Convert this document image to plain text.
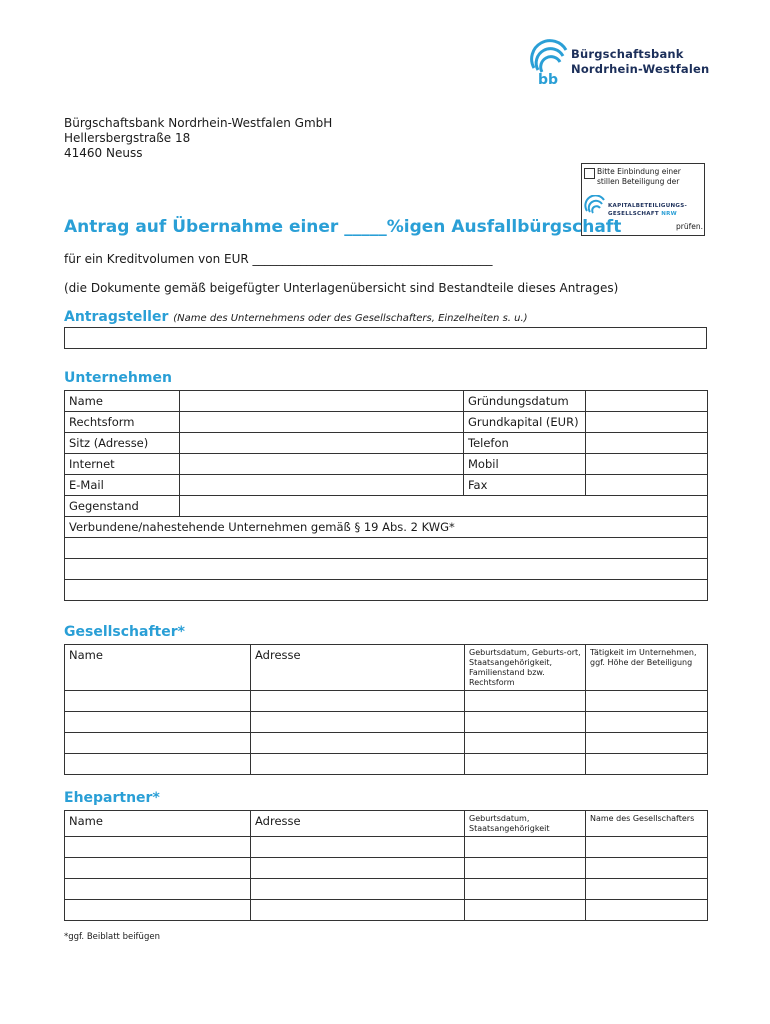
bb
Bürgschaftsbank
Nordrhein-Westfalen
Bürgschaftsbank Nordrhein-Westfalen GmbH
Hellersbergstraße 18
41460 Neuss
Bitte Einbindung einer
stillen Beteiligung der
KAPITALBETEILIGUNGS-
GESELLSCHAFT NRW
prüfen.
Antrag auf Übernahme einer _____%igen Ausfallbürgschaft
für ein Kreditvolumen von EUR ________________________________________
(die Dokumente gemäß beigefügter Unterlagenübersicht sind Bestandteile dieses Antrages)
Antragsteller (Name des Unternehmens oder des Gesellschafters, Einzelheiten s. u.)
Unternehmen
Name		Gründungsdatum	
Rechtsform		Grundkapital (EUR)	
Sitz (Adresse)		Telefon	
Internet		Mobil	
E-Mail		Fax	
Gegenstand			
Verbundene/nahestehende Unternehmen gemäß § 19 Abs. 2 KWG*			

Gesellschafter*
Name	Adresse	Geburtsdatum, Geburts-ort, Staatsangehörigkeit, Familienstand bzw. Rechtsform	Tätigkeit im Unternehmen, ggf. Höhe der Beteiligung

Ehepartner*
Name	Adresse	Geburtsdatum, Staatsangehörigkeit	Name des Gesellschafters

*ggf. Beiblatt beifügen
